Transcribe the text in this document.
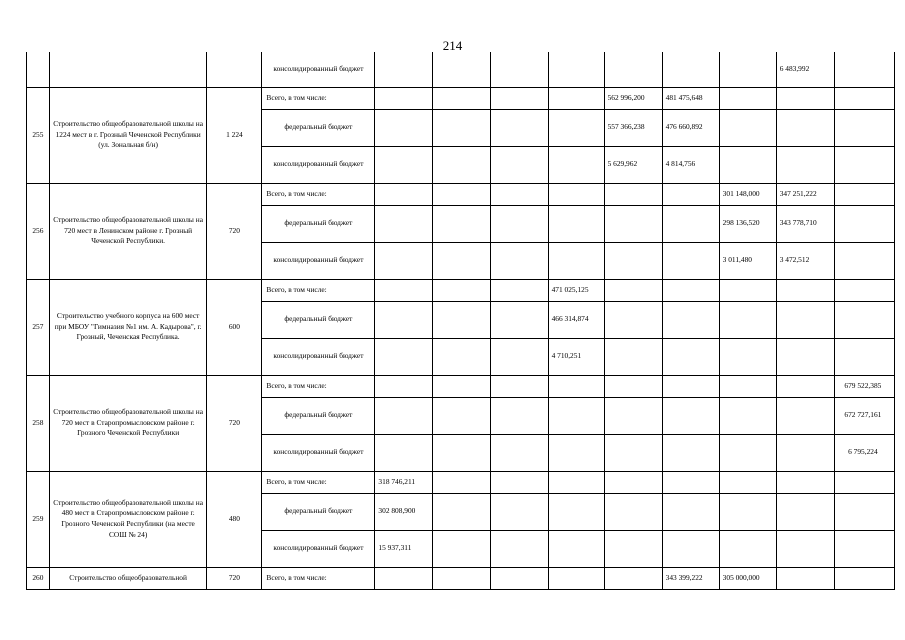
214
			консолидированный бюджет								6 483,992	
255	Строительство общеобразовательной школы на 1224 мест в г. Грозный Чеченской Республики (ул. Зональная б/н)	1 224	Всего, в том числе:					562 996,200	481 475,648			
			федеральный бюджет					557 366,238	476 660,892			
			консолидированный бюджет					5 629,962	4 814,756			
256	Строительство общеобразовательной школы на 720 мест в Ленинском районе г. Грозный Чеченской Республики.	720	Всего, в том числе:							301 148,000	347 251,222	
			федеральный бюджет							298 136,520	343 778,710	
			консолидированный бюджет							3 011,480	3 472,512	
257	Строительство учебного корпуса на 600 мест при МБОУ "Гимназия №1 им. А. Кадырова", г. Грозный, Чеченская Республика.	600	Всего, в том числе:				471 025,125					
			федеральный бюджет				466 314,874					
			консолидированный бюджет				4 710,251					
258	Строительство общеобразовательной школы на 720 мест в Старопромысловском районе г. Грозного Чеченской Республики	720	Всего, в том числе:									679 522,385
			федеральный бюджет									672 727,161
			консолидированный бюджет									6 795,224
259	Строительство общеобразовательной школы на 480 мест в Старопромысловском районе г. Грозного Чеченской Республики (на месте СОШ № 24)	480	Всего, в том числе:	318 746,211								
			федеральный бюджет	302 808,900								
			консолидированный бюджет	15 937,311								
260	Строительство общеобразовательной	720	Всего, в том числе:						343 399,222	305 000,000		
